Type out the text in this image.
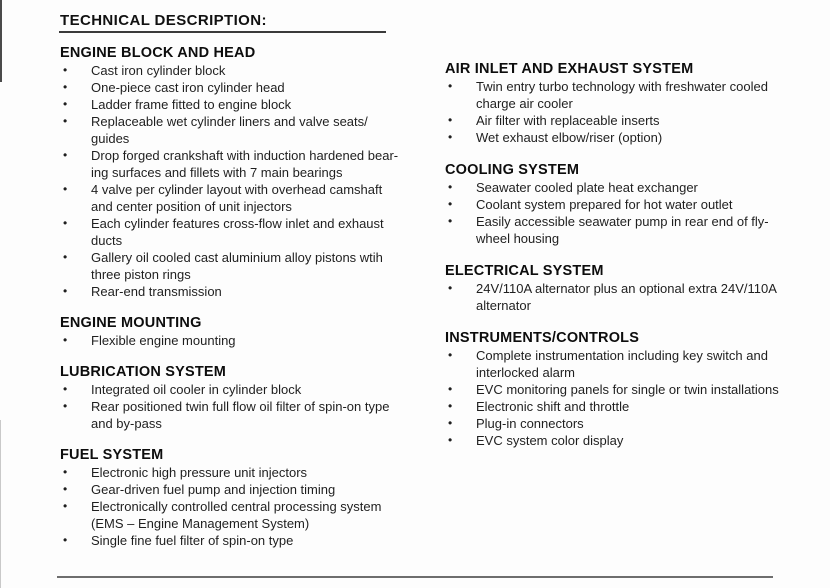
TECHNICAL DESCRIPTION:
ENGINE BLOCK AND HEAD
•	Cast iron cylinder block
•	One-piece cast iron cylinder head
•	Ladder frame fitted to engine block
•	Replaceable wet cylinder liners and valve seats/
guides
•	Drop forged crankshaft with induction hardened bear-
ing surfaces and fillets with 7 main bearings
•	4 valve per cylinder layout with overhead camshaft
and center position of unit injectors
•	Each cylinder features cross-flow inlet and exhaust
ducts
•	Gallery oil cooled cast aluminium alloy pistons wtih
three piston rings
•	Rear-end transmission
ENGINE MOUNTING
•	Flexible engine mounting
LUBRICATION SYSTEM
•	Integrated oil cooler in cylinder block
•	Rear positioned twin full flow oil filter of spin-on type
and by-pass
FUEL SYSTEM
•	Electronic high pressure unit injectors
•	Gear-driven fuel pump and injection timing
•	Electronically controlled central processing system
(EMS – Engine Management System)
•	Single fine fuel filter of spin-on type
AIR INLET AND EXHAUST SYSTEM
•	Twin entry turbo technology with freshwater cooled
charge air cooler
•	Air filter with replaceable inserts
•	Wet exhaust elbow/riser (option)
COOLING SYSTEM
•	Seawater cooled plate heat exchanger
•	Coolant system prepared for hot water outlet
•	Easily accessible seawater pump in rear end of fly-
wheel housing
ELECTRICAL SYSTEM
•	24V/110A alternator plus an optional extra 24V/110A
alternator
INSTRUMENTS/CONTROLS
•	Complete instrumentation including key switch and
interlocked alarm
•	EVC monitoring panels for single or twin installations
•	Electronic shift and throttle
•	Plug-in connectors
•	EVC system color display
